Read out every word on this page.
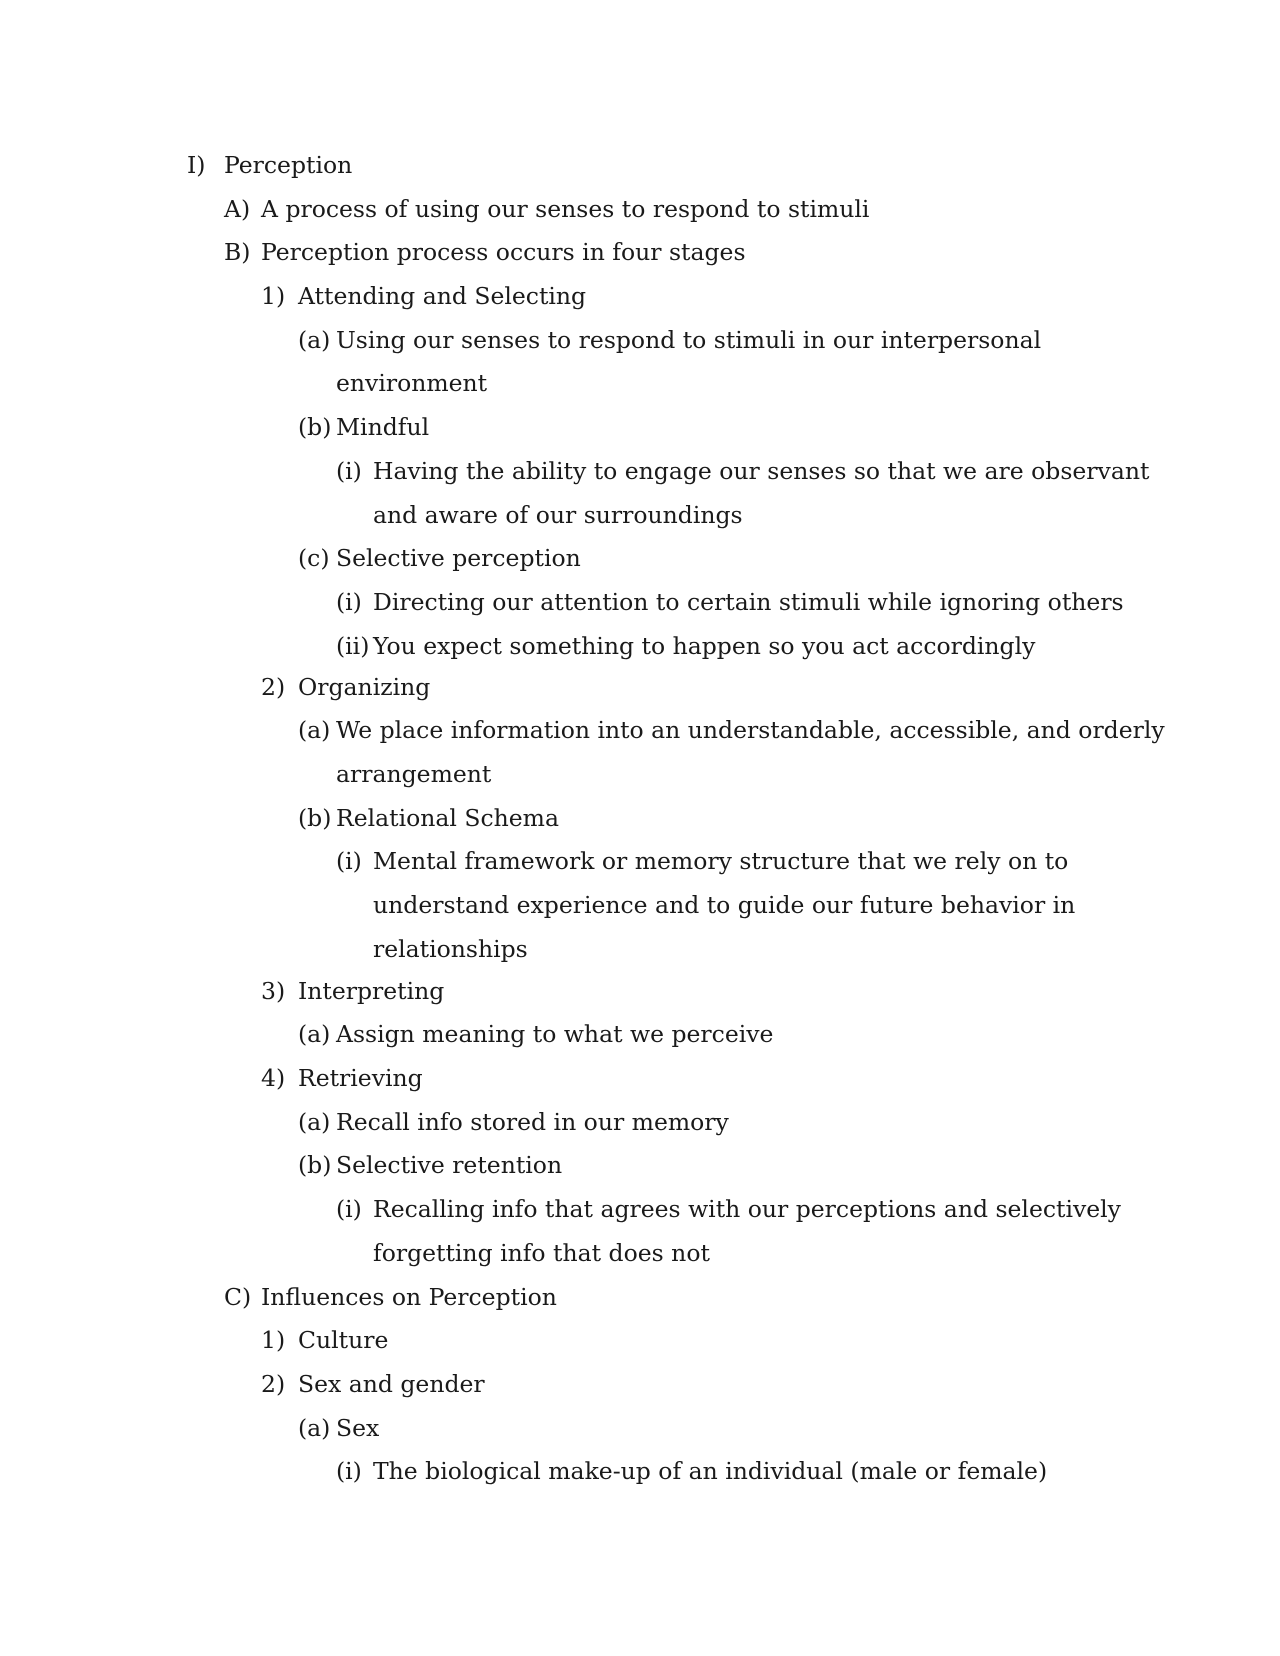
I) Perception
A) A process of using our senses to respond to stimuli
B) Perception process occurs in four stages
1) Attending and Selecting
(a) Using our senses to respond to stimuli in our interpersonal
environment
(b) Mindful
(i) Having the ability to engage our senses so that we are observant
and aware of our surroundings
(c) Selective perception
(i) Directing our attention to certain stimuli while ignoring others
(ii) You expect something to happen so you act accordingly
2) Organizing
(a) We place information into an understandable, accessible, and orderly
arrangement
(b) Relational Schema
(i) Mental framework or memory structure that we rely on to
understand experience and to guide our future behavior in
relationships
3) Interpreting
(a) Assign meaning to what we perceive
4) Retrieving
(a) Recall info stored in our memory
(b) Selective retention
(i) Recalling info that agrees with our perceptions and selectively
forgetting info that does not
C) Influences on Perception
1) Culture
2) Sex and gender
(a) Sex
(i) The biological make-up of an individual (male or female)
